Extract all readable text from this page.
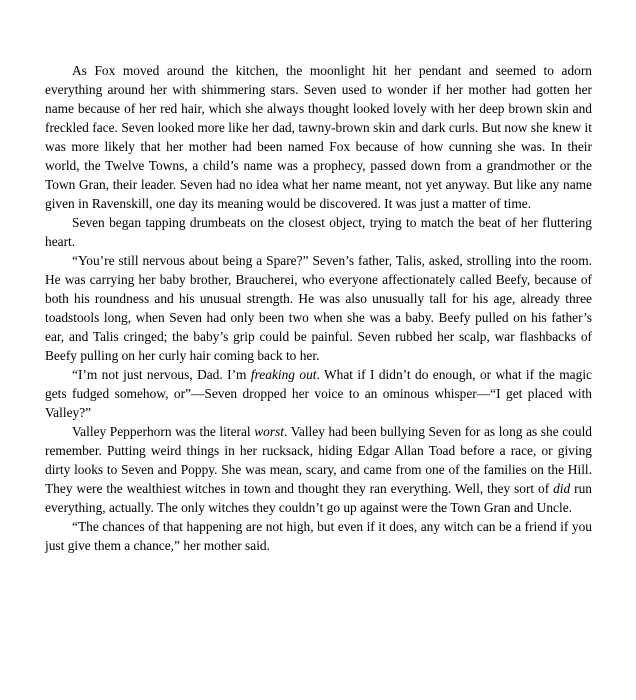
As Fox moved around the kitchen, the moonlight hit her pendant and seemed to adorn everything around her with shimmering stars. Seven used to wonder if her mother had gotten her name because of her red hair, which she always thought looked lovely with her deep brown skin and freckled face. Seven looked more like her dad, tawny-brown skin and dark curls. But now she knew it was more likely that her mother had been named Fox because of how cunning she was. In their world, the Twelve Towns, a child’s name was a prophecy, passed down from a grandmother or the Town Gran, their leader. Seven had no idea what her name meant, not yet anyway. But like any name given in Ravenskill, one day its meaning would be discovered. It was just a matter of time.

Seven began tapping drumbeats on the closest object, trying to match the beat of her fluttering heart.

“You’re still nervous about being a Spare?” Seven’s father, Talis, asked, strolling into the room. He was carrying her baby brother, Braucherei, who everyone affectionately called Beefy, because of both his roundness and his unusual strength. He was also unusually tall for his age, already three toadstools long, when Seven had only been two when she was a baby. Beefy pulled on his father’s ear, and Talis cringed; the baby’s grip could be painful. Seven rubbed her scalp, war flashbacks of Beefy pulling on her curly hair coming back to her.

“I’m not just nervous, Dad. I’m freaking out. What if I didn’t do enough, or what if the magic gets fudged somehow, or”—Seven dropped her voice to an ominous whisper—“I get placed with Valley?”

Valley Pepperhorn was the literal worst. Valley had been bullying Seven for as long as she could remember. Putting weird things in her rucksack, hiding Edgar Allan Toad before a race, or giving dirty looks to Seven and Poppy. She was mean, scary, and came from one of the families on the Hill. They were the wealthiest witches in town and thought they ran everything. Well, they sort of did run everything, actually. The only witches they couldn’t go up against were the Town Gran and Uncle.

“The chances of that happening are not high, but even if it does, any witch can be a friend if you just give them a chance,” her mother said.
